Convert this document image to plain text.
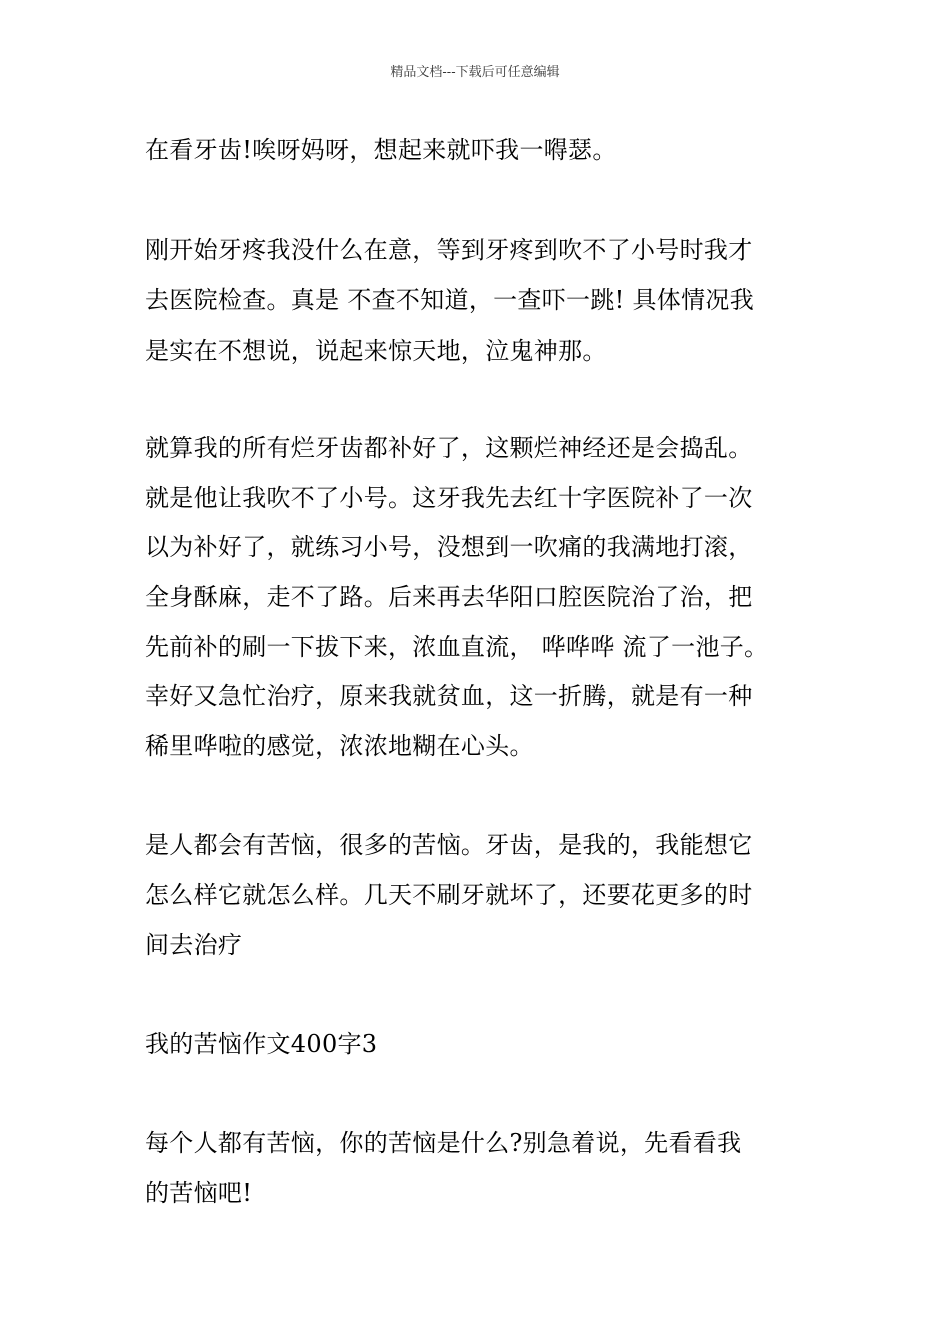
精品文档---下载后可任意编辑
在看牙齿!唉呀妈呀，想起来就吓我一嘚瑟。
刚开始牙疼我没什么在意，等到牙疼到吹不了小号时我才
去医院检查。真是 不查不知道，一查吓一跳! 具体情况我
是实在不想说，说起来惊天地，泣鬼神那。
就算我的所有烂牙齿都补好了，这颗烂神经还是会捣乱。
就是他让我吹不了小号。这牙我先去红十字医院补了一次
以为补好了，就练习小号，没想到一吹痛的我满地打滚，
全身酥麻，走不了路。后来再去华阳口腔医院治了治，把
先前补的刷一下拔下来，浓血直流， 哗哗哗 流了一池子。
幸好又急忙治疗，原来我就贫血，这一折腾，就是有一种
稀里哗啦的感觉，浓浓地糊在心头。
是人都会有苦恼，很多的苦恼。牙齿，是我的，我能想它
怎么样它就怎么样。几天不刷牙就坏了，还要花更多的时
间去治疗
我的苦恼作文400字3
每个人都有苦恼，你的苦恼是什么?别急着说，先看看我
的苦恼吧!
